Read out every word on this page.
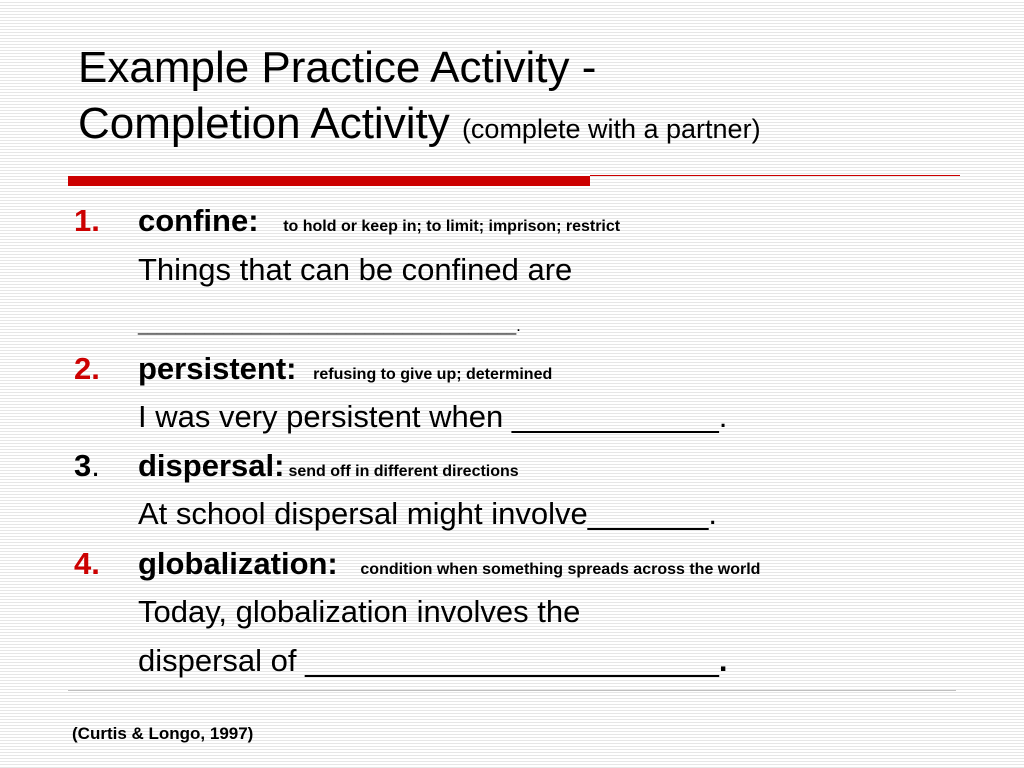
Example Practice Activity -
Completion Activity (complete with a partner)
1. confine: to hold or keep in; to limit; imprison; restrict
Things that can be confined are
________________________________________.
2. persistent: refusing to give up; determined
I was very persistent when ____________.
3. dispersal: send off in different directions
At school dispersal might involve_______.
4. globalization: condition when something spreads across the world
Today, globalization involves the
dispersal of ________________________.
(Curtis & Longo, 1997)
